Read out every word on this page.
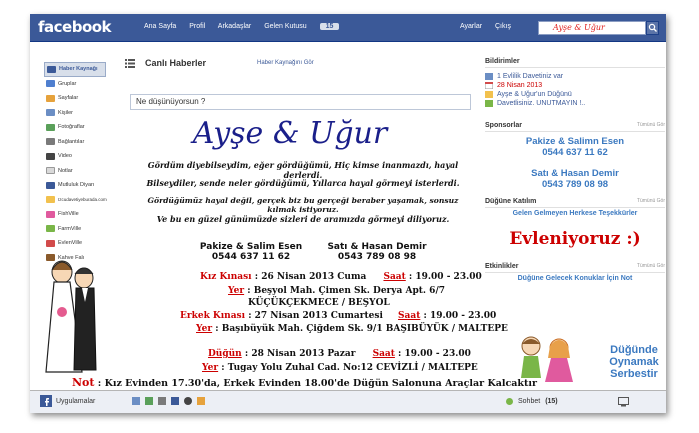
facebook	Ana Sayfa Profil Arkadaşlar Gelen Kutusu	15	Ayarlar Çıkış	Ayşe & Uğur
Haber Kaynağı
Gruplar
Sayfalar
Kişiler
Fotoğraflar
Bağlantılar
Video
Notlar
Mutluluk Diyarı
Izcudavetiyeburada.com
FishVille
FarmVille
EvlenVille
Kahve Falı
Canlı Haberler	Haber Kaynağını Gör
Ne düşünüyorsun ?
Ayşe & Uğur
Gördüm diyebilseydim, eğer gördüğümü, Hiç kimse inanmazdı, hayal derlerdi.
Bilseydiler, sende neler gördüğümü, Yıllarca hayal görmeyi isterlerdi.
Gördüğümüz hayal değil, gerçek biz bu gerçeği beraber yaşamak, sonsuz kılmak istiyoruz.
Ve bu en güzel günümüzde sizleri de aramızda görmeyi diliyoruz.
Pakize & Salim Esen
0544 637 11 62
Satı & Hasan Demir
0543 789 08 98
Kız Kınası : 26 Nisan 2013 Cuma Saat : 19.00 - 23.00
Yer : Beşyol Mah. Çimen Sk. Derya Apt. 6/7
KÜÇÜKÇEKMECE / BEŞYOL
Erkek Kınası : 27 Nisan 2013 Cumartesi Saat : 19.00 - 23.00
Yer : Başıbüyük Mah. Çiğdem Sk. 9/1 BAŞIBÜYÜK / MALTEPE
Düğün : 28 Nisan 2013 Pazar Saat : 19.00 - 23.00
Yer : Tugay Yolu Zuhal Cad. No:12 CEVİZLİ / MALTEPE
Not : Kız Evinden 17.30'da, Erkek Evinden 18.00'de Düğün Salonuna Araçlar Kalcaktır
Bildirimler
1 Evlilik Davetiniz var
28 Nisan 2013
Ayşe & Uğur'un Düğünü
Davetlisiniz. UNUTMAYIN !..
Sponsorlar	Tümünü Gör
Pakize & Salimn Esen
0544 637 11 62
Satı & Hasan Demir
0543 789 08 98
Düğüne Katılım	Tümünü Gör
Gelen Gelmeyen Herkese Teşekkürler
Evleniyoruz :)
Etkinlikler	Tümünü Gör
Düğüne Gelecek Konuklar İçin Not
Düğünde
Oynamak
Serbestir
Uygulamalar	Sohbet (15)
